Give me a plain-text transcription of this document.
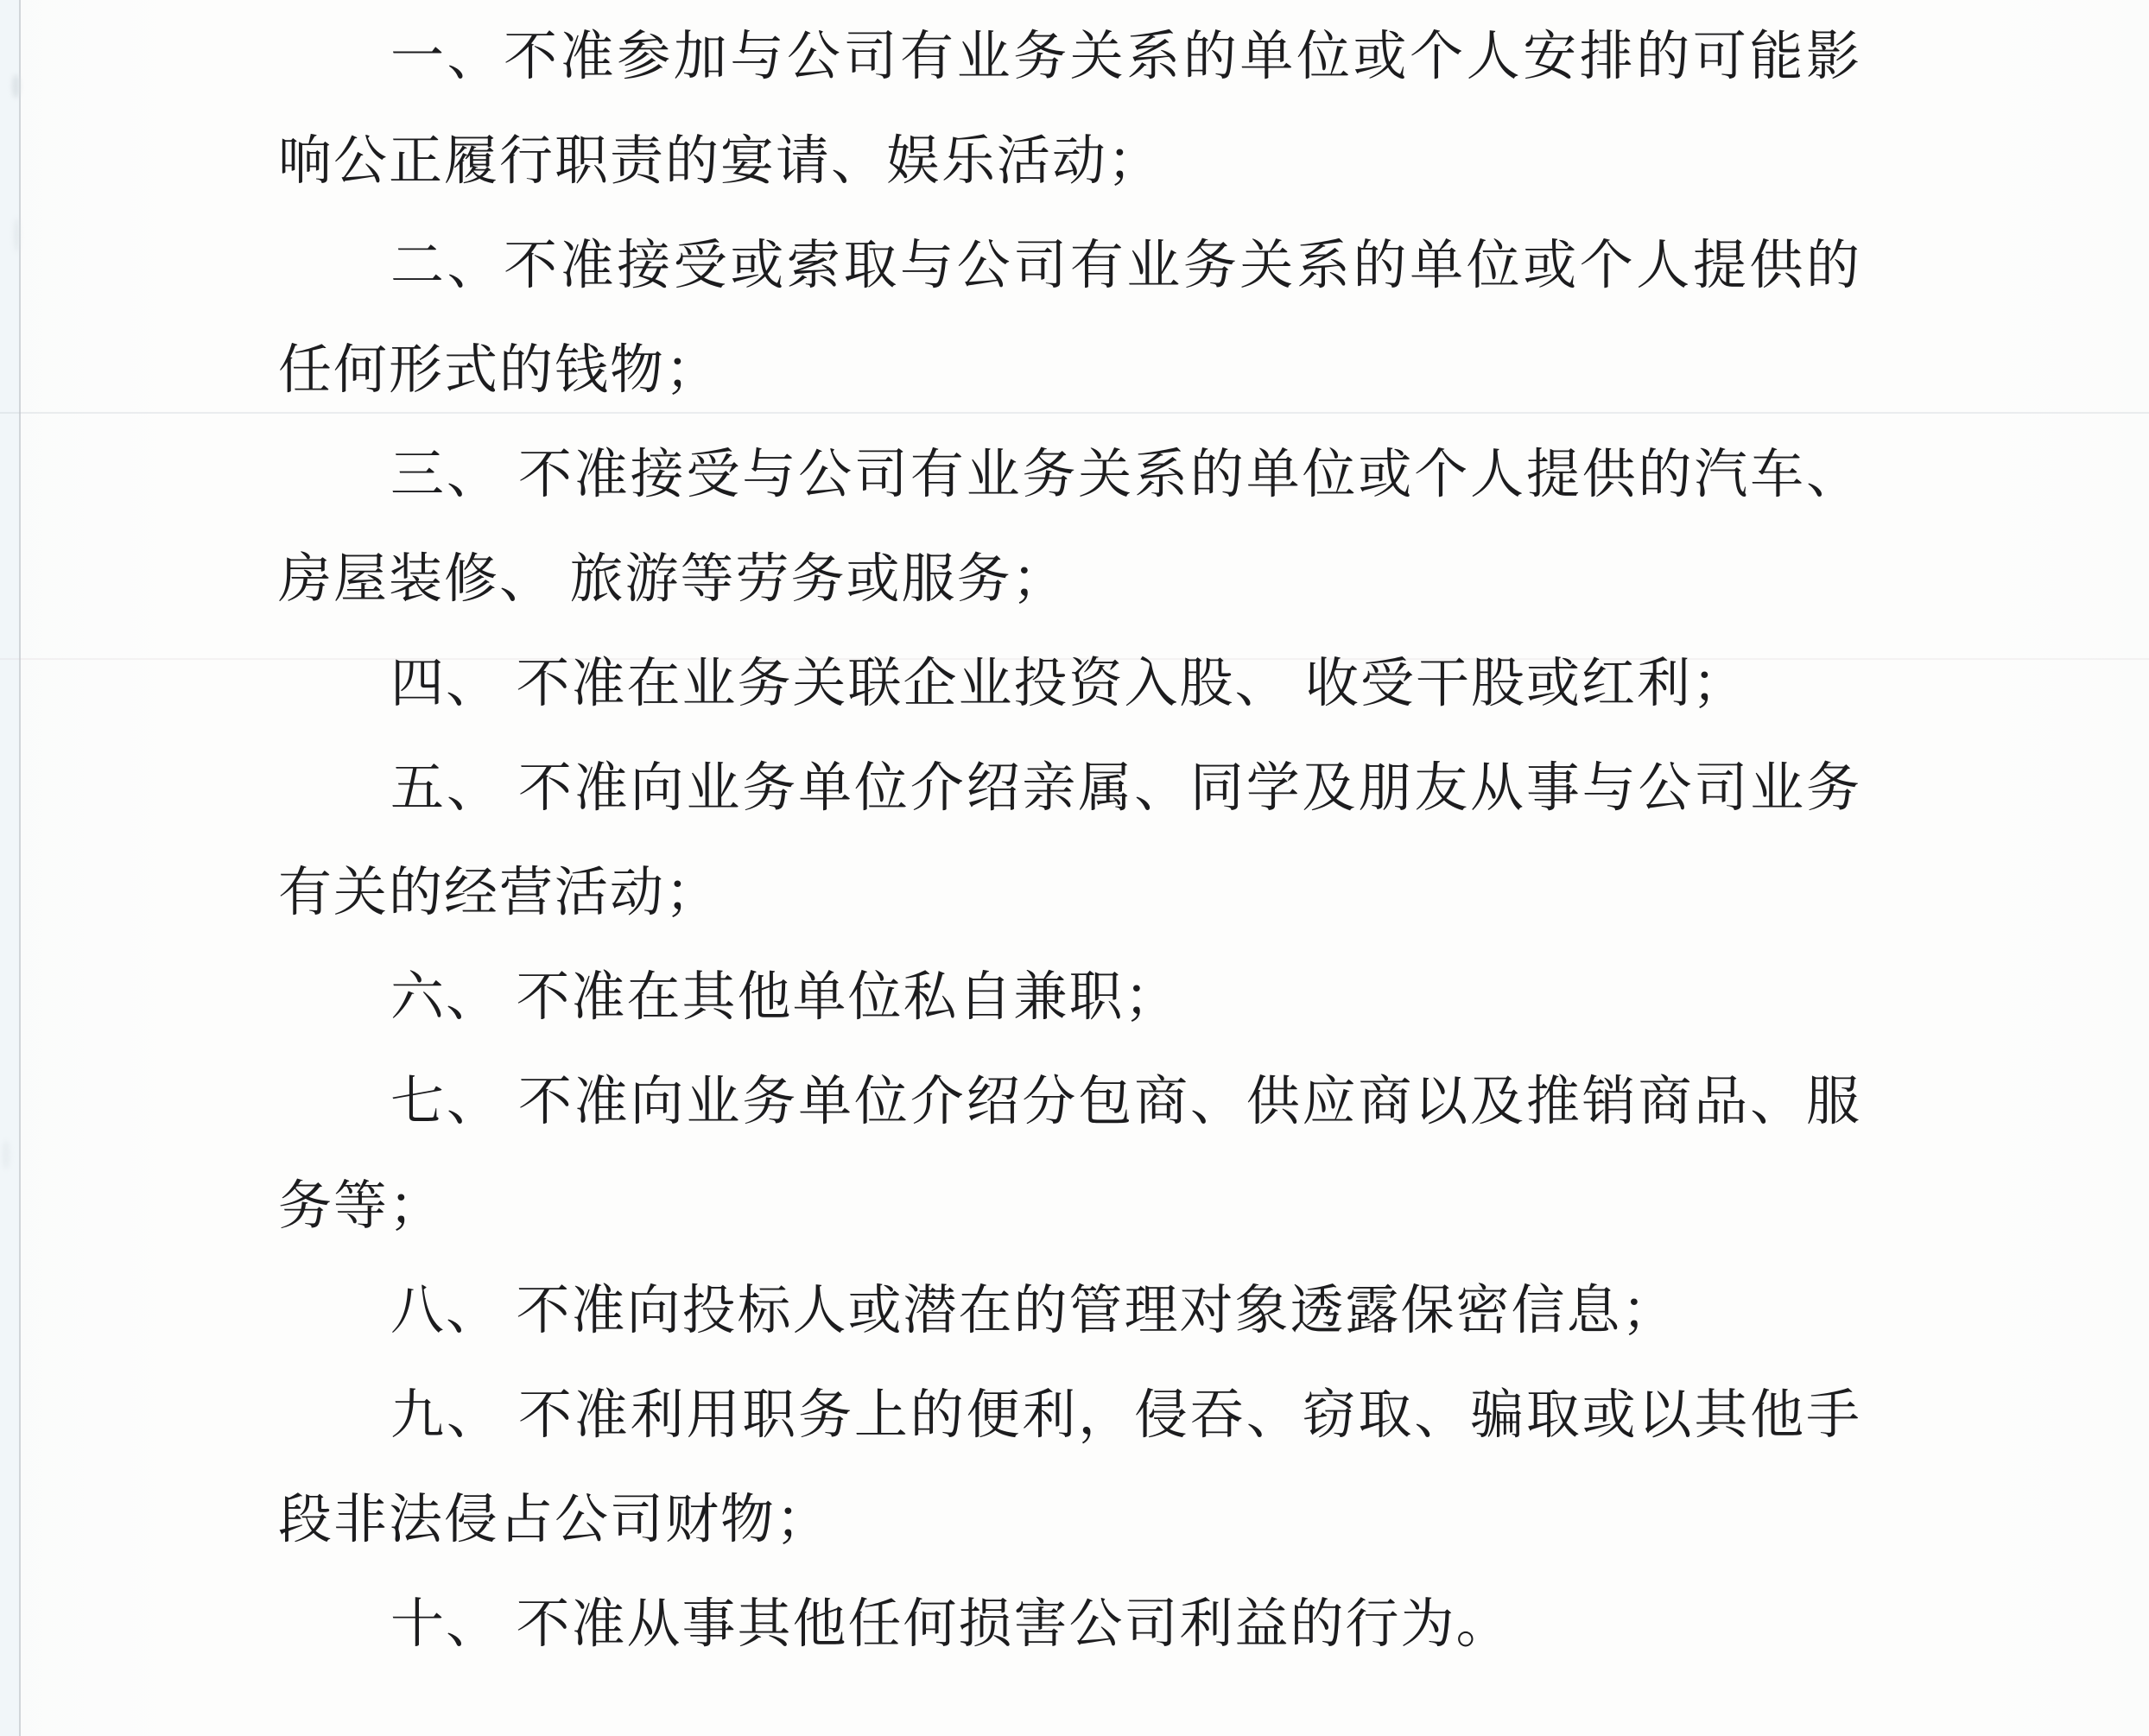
一、不准参加与公司有业务关系的单位或个人安排的可能影
响公正履行职责的宴请、娱乐活动；
二、不准接受或索取与公司有业务关系的单位或个人提供的
任何形式的钱物；
三、 不准接受与公司有业务关系的单位或个人提供的汽车、
房屋装修、 旅游等劳务或服务；
四、 不准在业务关联企业投资入股、 收受干股或红利；
五、 不准向业务单位介绍亲属、同学及朋友从事与公司业务
有关的经营活动；
六、 不准在其他单位私自兼职；
七、 不准向业务单位介绍分包商、供应商以及推销商品、服
务等；
八、 不准向投标人或潜在的管理对象透露保密信息；
九、 不准利用职务上的便利，侵吞、窃取、骗取或以其他手
段非法侵占公司财物；
十、 不准从事其他任何损害公司利益的行为。
